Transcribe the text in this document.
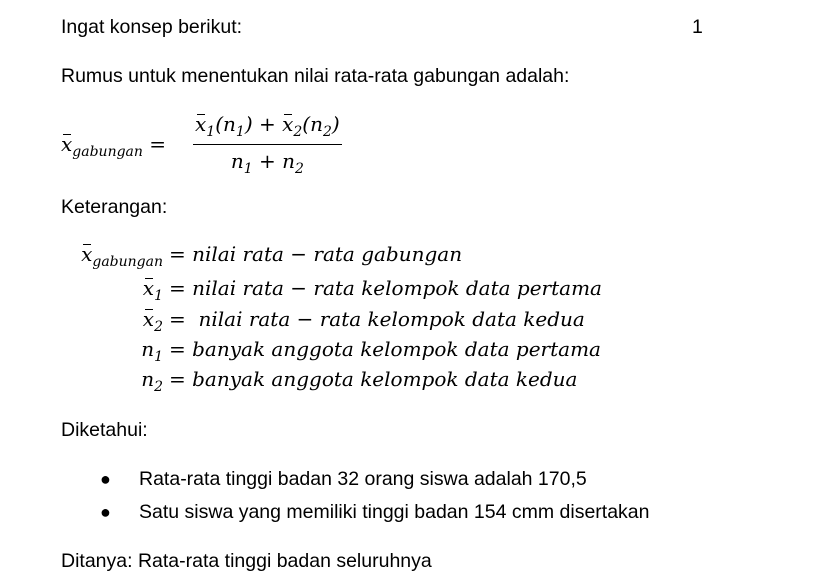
Ingat konsep berikut:	1
Rumus untuk menentukan nilai rata-rata gabungan adalah:
$x_{gabungan} = \frac{x_1(n_1) + x_2(n_2)}{n_1 + n_2}$
Keterangan:
$x_{gabungan}$ = nilai rata − rata gabungan
$x_1$ = nilai rata − rata kelompok data pertama
$x_2$ =  nilai rata − rata kelompok data kedua
$n_1$ = banyak anggota kelompok data pertama
$n_2$ = banyak anggota kelompok data kedua
Diketahui:
● Rata-rata tinggi badan 32 orang siswa adalah 170,5
● Satu siswa yang memiliki tinggi badan 154 cmm disertakan
Ditanya: Rata-rata tinggi badan seluruhnya
